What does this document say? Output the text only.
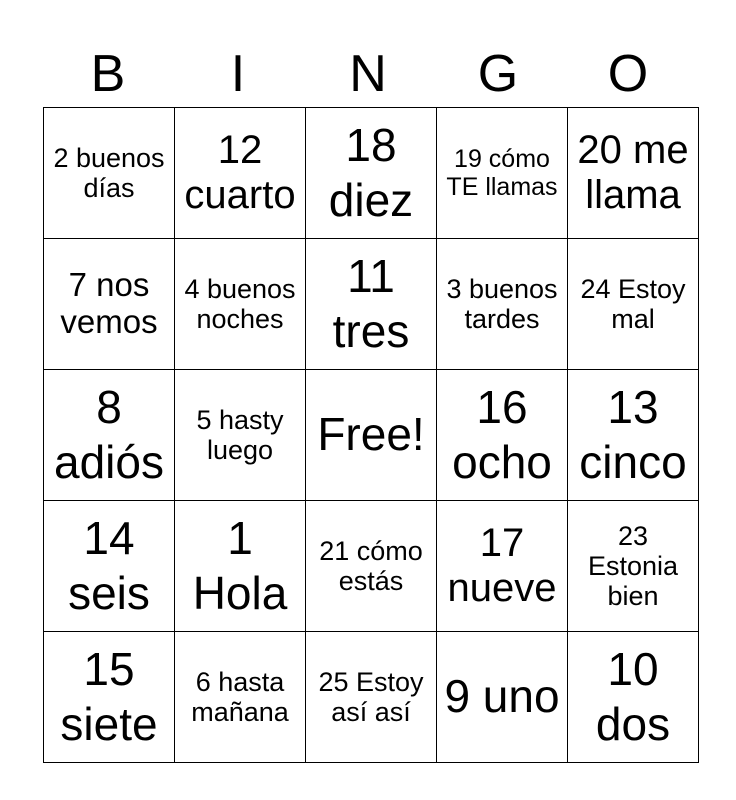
B	I	N	G	O
2 buenos días	12 cuarto	18 diez	19 cómo TE llamas	20 me llama
7 nos vemos	4 buenos noches	11 tres	3 buenos tardes	24 Estoy mal
8 adiós	5 hasty luego	Free!	16 ocho	13 cinco
14 seis	1 Hola	21 cómo estás	17 nueve	23 Estonia bien
15 siete	6 hasta mañana	25 Estoy así así	9 uno	10 dos
